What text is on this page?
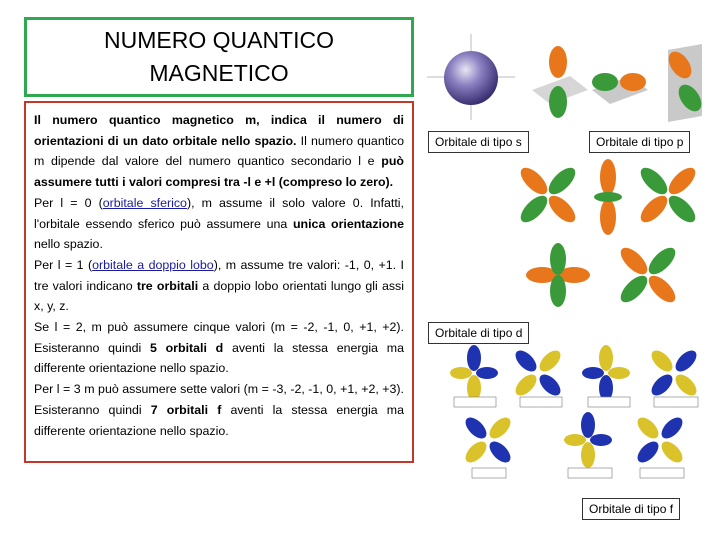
NUMERO QUANTICO
MAGNETICO

Il numero quantico magnetico m, indica il numero di orientazioni di un dato orbitale nello spazio. Il numero quantico m dipende dal valore del numero quantico secondario l e può assumere tutti i valori compresi tra -l e +l (compreso lo zero).

Per l = 0 (orbitale sferico), m assume il solo valore 0. Infatti, l'orbitale essendo sferico può assumere una unica orientazione nello spazio.

Per l = 1 (orbitale a doppio lobo), m assume tre valori: -1, 0, +1. I tre valori indicano tre orbitali a doppio lobo orientati lungo gli assi x, y, z.

Se l = 2, m può assumere cinque valori (m = -2, -1, 0, +1, +2). Esisteranno quindi 5 orbitali d aventi la stessa energia ma differente orientazione nello spazio.

Per l = 3 m può assumere sette valori (m = -3, -2, -1, 0, +1, +2, +3). Esisteranno quindi 7 orbitali f aventi la stessa energia ma differente orientazione nello spazio.

Orbitale di tipo s	Orbitale di tipo p
Orbitale di tipo d
Orbitale di tipo f
